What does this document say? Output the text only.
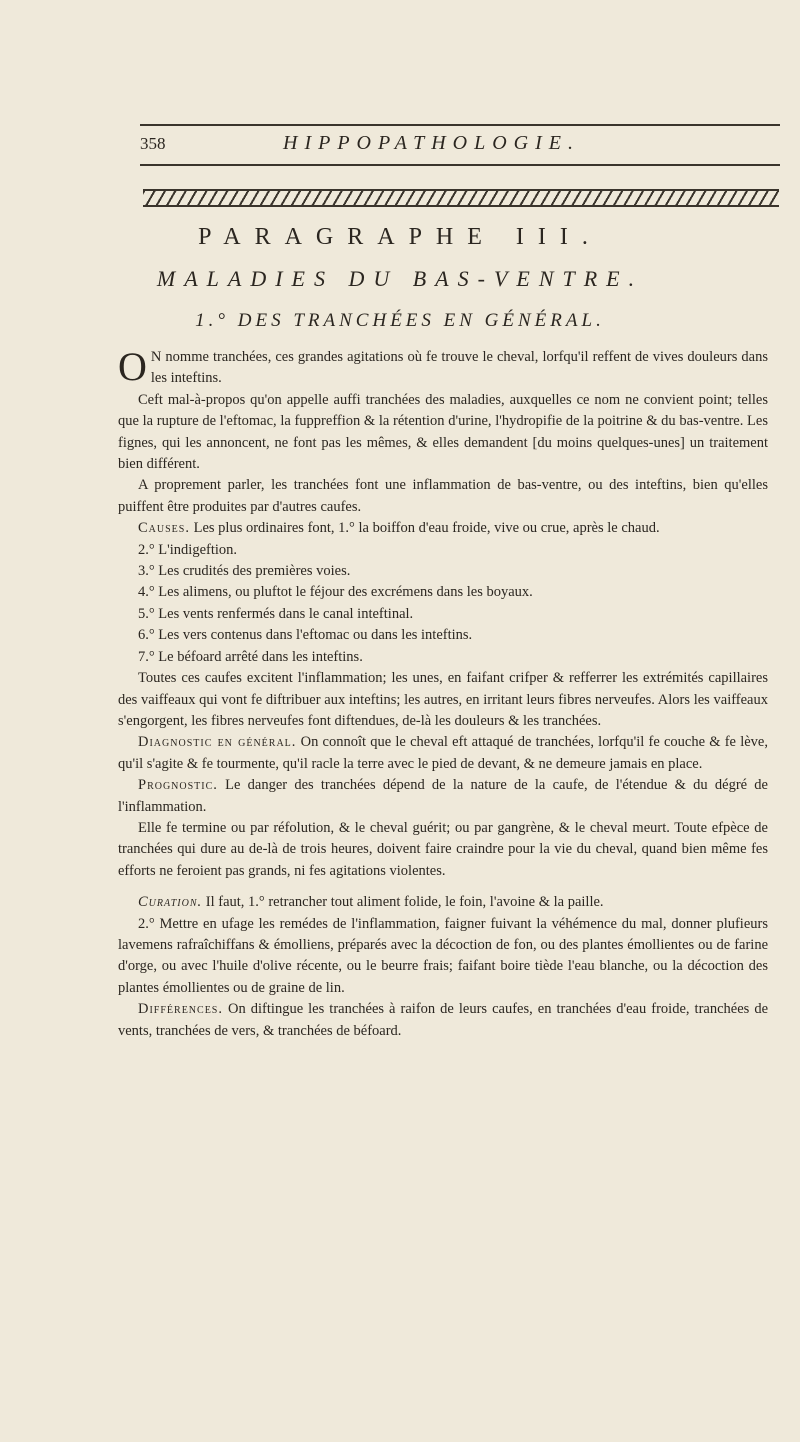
358	HIPPOPATHOLOGIE.
PARAGRAPHE III.
MALADIES DU BAS-VENTRE.
1.° DES TRANCHÉES EN GÉNÉRAL.

O N nomme tranchées, ces grandes agitations où fe trouve le cheval, lorfqu'il reffent de vives douleurs dans les inteftins.

Ceft mal-à-propos qu'on appelle auffi tranchées des maladies, auxquelles ce nom ne convient point; telles que la rupture de l'eftomac, la fuppreffion & la rétention d'urine, l'hydropifie de la poitrine & du bas-ventre. Les fignes, qui les annoncent, ne font pas les mêmes, & elles demandent [du moins quelques-unes] un traitement bien différent.

A proprement parler, les tranchées font une inflammation de bas-ventre, ou des inteftins, bien qu'elles puiffent être produites par d'autres caufes.

Causes. Les plus ordinaires font, 1.° la boiffon d'eau froide, vive ou crue, après le chaud.

2.° L'indigeftion.

3.° Les crudités des premières voies.

4.° Les alimens, ou pluftot le féjour des excrémens dans les boyaux.

5.° Les vents renfermés dans le canal inteftinal.

6.° Les vers contenus dans l'eftomac ou dans les inteftins.

7.° Le béfoard arrêté dans les inteftins.

Toutes ces caufes excitent l'inflammation; les unes, en faifant crifper & refferrer les extrémités capillaires des vaiffeaux qui vont fe diftribuer aux inteftins; les autres, en irritant leurs fibres nerveufes. Alors les vaiffeaux s'engorgent, les fibres nerveufes font diftendues, de-là les douleurs & les tranchées.

Diagnostic en général. On connoît que le cheval eft attaqué de tranchées, lorfqu'il fe couche & fe lève, qu'il s'agite & fe tourmente, qu'il racle la terre avec le pied de devant, & ne demeure jamais en place.

Prognostic. Le danger des tranchées dépend de la nature de la caufe, de l'étendue & du dégré de l'inflammation.

Elle fe termine ou par réfolution, & le cheval guérit; ou par gangrène, & le cheval meurt. Toute efpèce de tranchées qui dure au de-là de trois heures, doivent faire craindre pour la vie du cheval, quand bien même fes efforts ne feroient pas grands, ni fes agitations violentes.

Curation. Il faut, 1.° retrancher tout aliment folide, le foin, l'avoine & la paille.

2.° Mettre en ufage les remédes de l'inflammation, faigner fuivant la véhémence du mal, donner plufieurs lavemens rafraîchiffans & émolliens, préparés avec la décoction de fon, ou des plantes émollientes ou de farine d'orge, ou avec l'huile d'olive récente, ou le beurre frais; faifant boire tiède l'eau blanche, ou la décoction des plantes émollientes ou de graine de lin.

Différences. On diftingue les tranchées à raifon de leurs caufes, en tranchées d'eau froide, tranchées de vents, tranchées de vers, & tranchées de béfoard.
